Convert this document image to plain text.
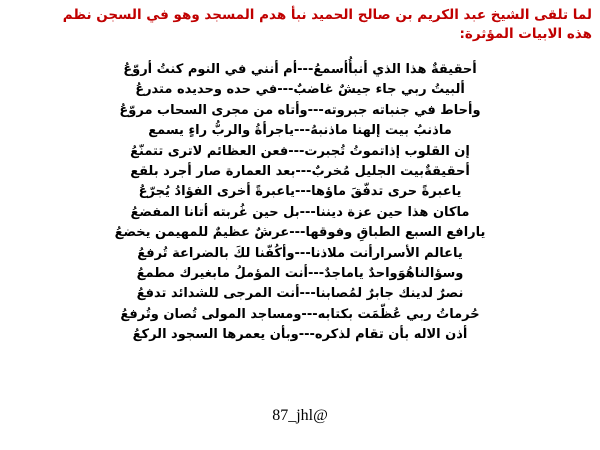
لما تلقى الشيخ عبد الكريم بن صالح الحميد نبأ هدم المسجد وهو في السجن نظم هذه الابيات المؤثرة:

أحقيقةٌ هذا الذي أنبأُأسمعُ---أم أنني في النوم كنتُ أروّعُ
ألبيتُ ربي جاء جيشٌ غاضبٌ---في حده وحديده متدرعُ
وأحاط في جنباته جبروته---وأتاه من مجرى السحاب مروّعُ
ماذنبُ بيت إلهنا ماذنبهُ---ياجرأةُ والربُّ راءٍ يسمع
إن القلوب إذاتموتُ تُجبرت---فعن العظائم لاترى تتمنّعُ
أحقيقةٌبيت الجليل مُخربٌ---بعد العمارة صار أجرد بلقع
ياعبرةً حرى تدفّقَ ماؤها---ياعبرةً أخرى الفؤادُ يُجرّعُ
ماكان هذا حين عزة ديننا---بل حين غُربته أتانا المفضعُ
يارافع السبع الطباقِ وفوقها---عرشٌ عظيمٌ للمهيمن يخضعُ
ياعالم الأسرارأنت ملاذنا---وأكُفّنا لكَ بالضراعة تُرفعُ
وسؤالناهُوَواحدٌ ياماجدٌ---أنت المؤملُ مابغيرك مطمعُ
نصرٌ لدينك جابرٌ لمُصابنا---أنت المرجى للشدائد تدفعُ
حُرماتُ ربي عُظّمَت بكتابه---ومساجد المولى تُصان وتُرفعُ
أذن الاله بأن تقام لذكره---وبأن يعمرها السجود الركعُ
87_jhl@
